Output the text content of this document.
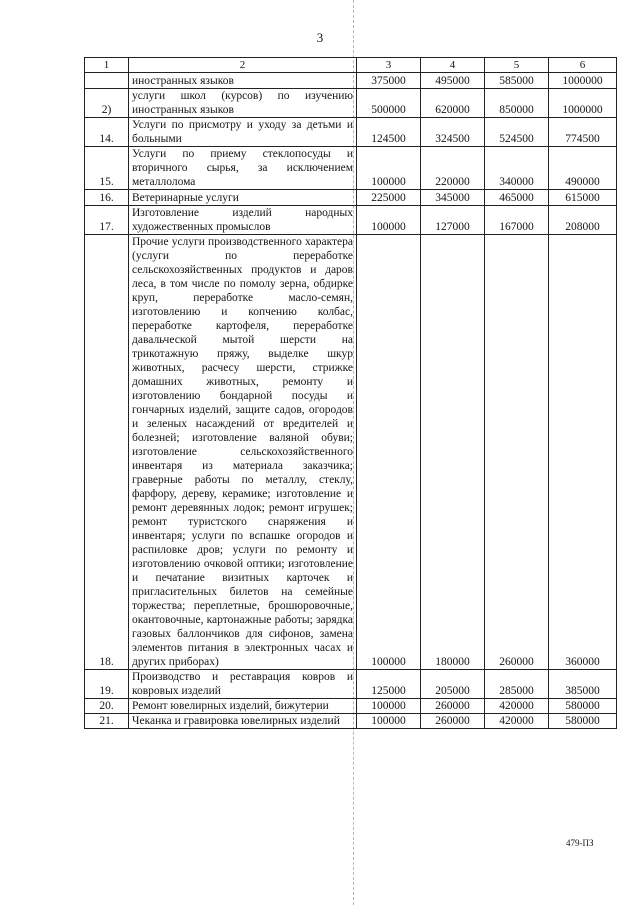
3
1	2	3	4	5	6
	иностранных языков	375000	495000	585000	1000000
2)	услуги школ (курсов) по изучению иностранных языков	500000	620000	850000	1000000
14.	Услуги по присмотру и уходу за детьми и больными	124500	324500	524500	774500
15.	Услуги по приему стеклопосуды и вторичного сырья, за исключением металлолома	100000	220000	340000	490000
16.	Ветеринарные услуги	225000	345000	465000	615000
17.	Изготовление изделий народных художественных промыслов	100000	127000	167000	208000
18.	Прочие услуги производственного характера (услуги по переработке сельскохозяйственных продуктов и даров леса, в том числе по помолу зерна, обдирке круп, переработке масло-семян, изготовлению и копчению колбас, переработке картофеля, переработке давальческой мытой шерсти на трикотажную пряжу, выделке шкур животных, расчесу шерсти, стрижке домашних животных, ремонту и изготовлению бондарной посуды и гончарных изделий, защите садов, огородов и зеленых насаждений от вредителей и болезней; изготовление валяной обуви; изготовление сельскохозяйственного инвентаря из материала заказчика; граверные работы по металлу, стеклу, фарфору, дереву, керамике; изготовление и ремонт деревянных лодок; ремонт игрушек; ремонт туристского снаряжения и инвентаря; услуги по вспашке огородов и распиловке дров; услуги по ремонту и изготовлению очковой оптики; изготовление и печатание визитных карточек и пригласительных билетов на семейные торжества; переплетные, брошюровочные, окантовочные, картонажные работы; зарядка газовых баллончиков для сифонов, замена элементов питания в электронных часах и других приборах)	100000	180000	260000	360000
19.	Производство и реставрация ковров и ковровых изделий	125000	205000	285000	385000
20.	Ремонт ювелирных изделий, бижутерии	100000	260000	420000	580000
21.	Чеканка и гравировка ювелирных изделий	100000	260000	420000	580000
479-ПЗ
